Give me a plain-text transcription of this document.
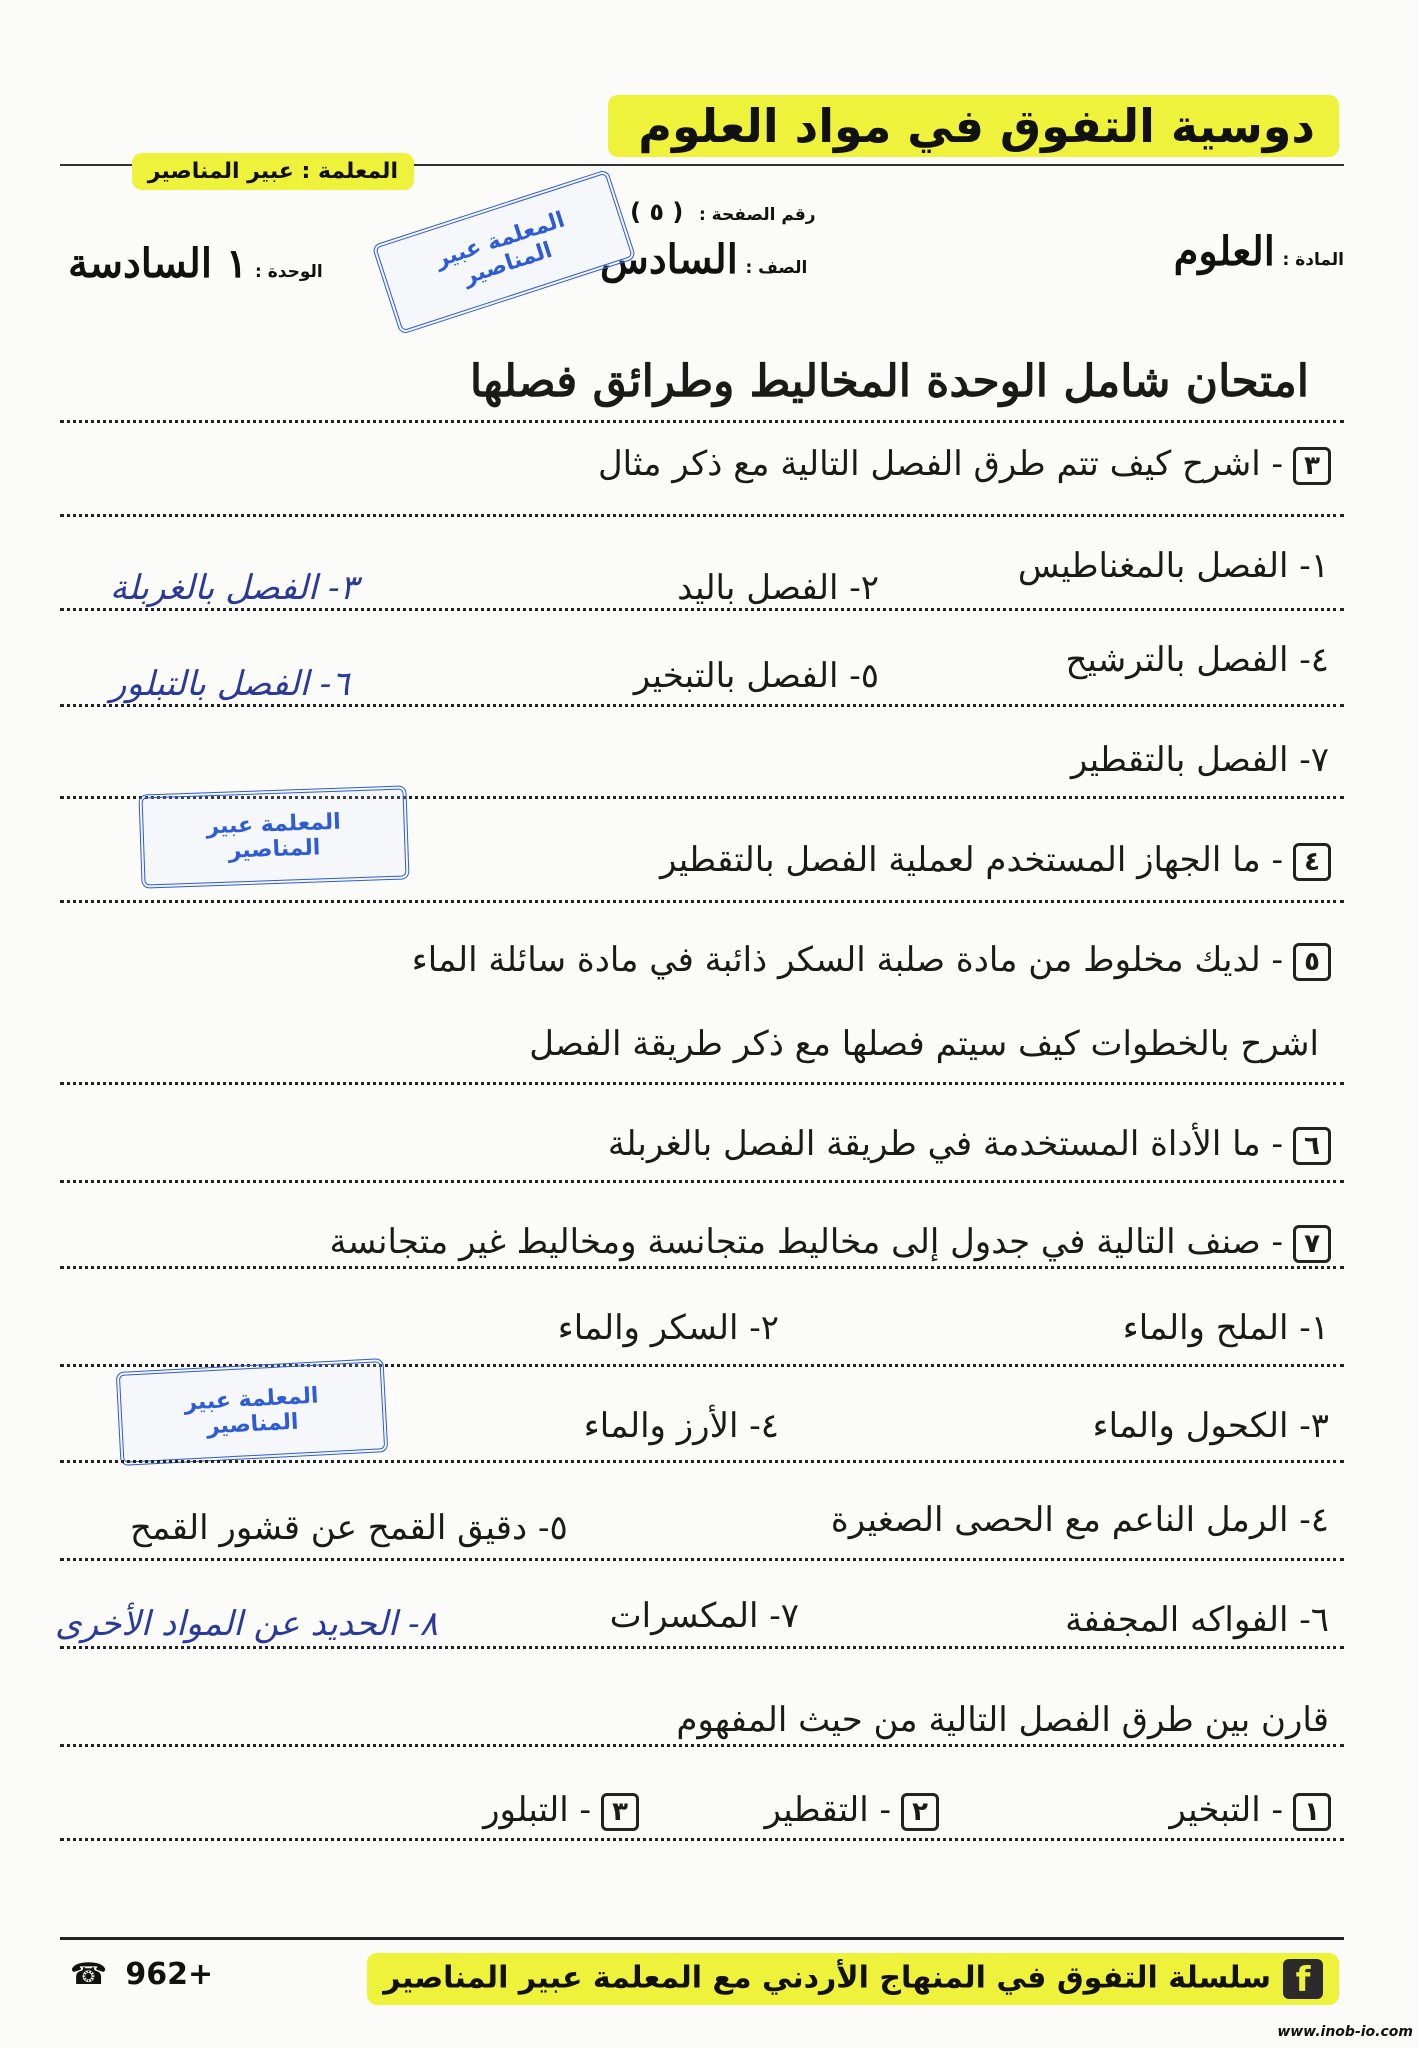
دوسية التفوق في مواد العلوم
المعلمة : عبير المناصير
رقم الصفحة : ( ٥ )
المادة : العلوم
الصف : السادس
الوحدة : ١ السادسة	المعلمة عبير المناصير
امتحان شامل الوحدة المخاليط وطرائق فصلها
٣- اشرح كيف تتم طرق الفصل التالية مع ذكر مثال
١- الفصل بالمغناطيس
٢- الفصل باليد
٣- الفصل بالغربلة
٤- الفصل بالترشيح
٥- الفصل بالتبخير
٦- الفصل بالتبلور
٧- الفصل بالتقطير
المعلمة عبير المناصير	٤- ما الجهاز المستخدم لعملية الفصل بالتقطير
٥- لديك مخلوط من مادة صلبة السكر ذائبة في مادة سائلة الماء
اشرح بالخطوات كيف سيتم فصلها مع ذكر طريقة الفصل
٦- ما الأداة المستخدمة في طريقة الفصل بالغربلة
٧- صنف التالية في جدول إلى مخاليط متجانسة ومخاليط غير متجانسة
١- الملح والماء
٢- السكر والماء
المعلمة عبير المناصير	٣- الكحول والماء
٤- الأرز والماء
٤- الرمل الناعم مع الحصى الصغيرة
٥- دقيق القمح عن قشور القمح
٦- الفواكه المجففة
٧- المكسرات
٨- الحديد عن المواد الأخرى
قارن بين طرق الفصل التالية من حيث المفهوم
١- التبخير
٢- التقطير
٣- التبلور
fسلسلة التفوق في المنهاج الأردني مع المعلمة عبير المناصير
☎ 962+
www.inob-io.com
